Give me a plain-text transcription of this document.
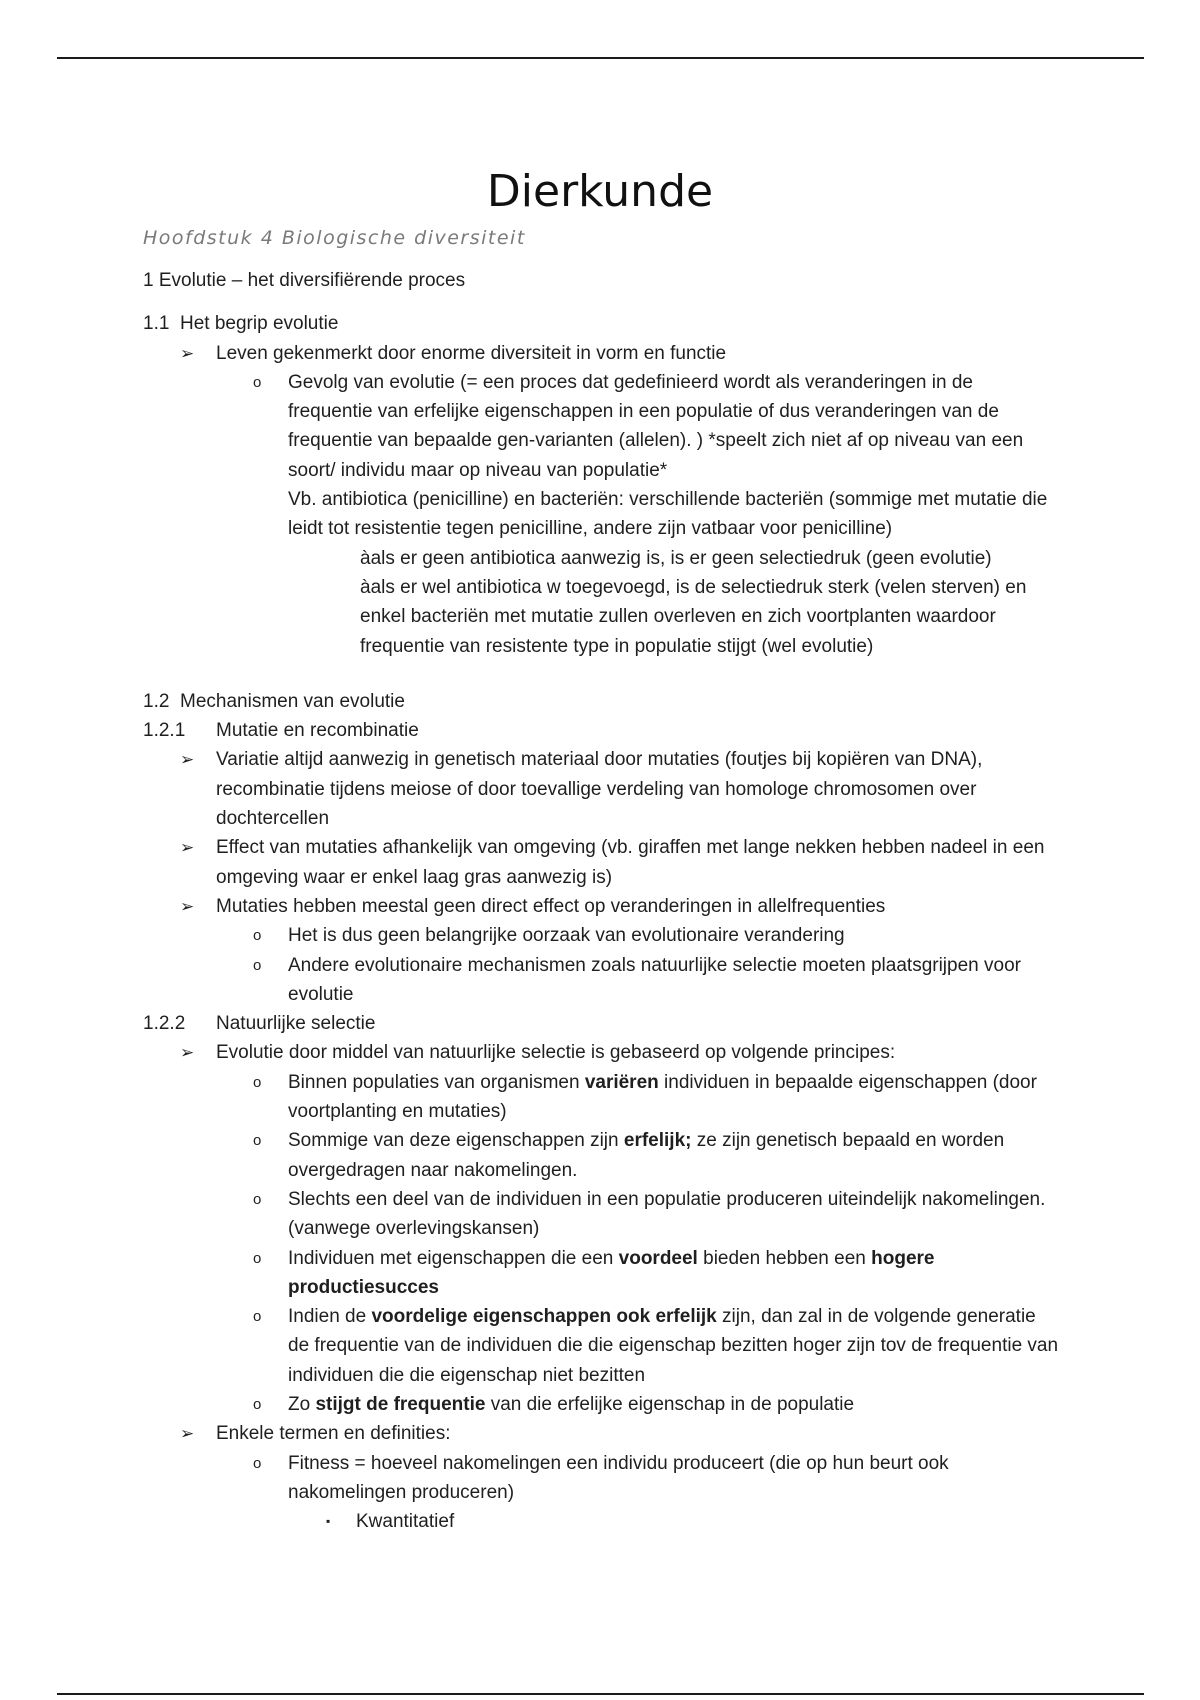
Dierkunde
Hoofdstuk 4 Biologische diversiteit

1 Evolutie – het diversifiërende proces

1.1 Het begrip evolutie

➢ Leven gekenmerkt door enorme diversiteit in vorm en functie

o Gevolg van evolutie (= een proces dat gedefinieerd wordt als veranderingen in de frequentie van erfelijke eigenschappen in een populatie of dus veranderingen van de frequentie van bepaalde gen-varianten (allelen). ) *speelt zich niet af op niveau van een soort/ individu maar op niveau van populatie*

Vb. antibiotica (penicilline) en bacteriën: verschillende bacteriën (sommige met mutatie die leidt tot resistentie tegen penicilline, andere zijn vatbaar voor penicilline)

àals er geen antibiotica aanwezig is, is er geen selectiedruk (geen evolutie)

àals er wel antibiotica w toegevoegd, is de selectiedruk sterk (velen sterven) en enkel bacteriën met mutatie zullen overleven en zich voortplanten waardoor frequentie van resistente type in populatie stijgt (wel evolutie)

1.2 Mechanismen van evolutie

1.2.1 Mutatie en recombinatie

➢ Variatie altijd aanwezig in genetisch materiaal door mutaties (foutjes bij kopiëren van DNA), recombinatie tijdens meiose of door toevallige verdeling van homologe chromosomen over dochtercellen

➢ Effect van mutaties afhankelijk van omgeving (vb. giraffen met lange nekken hebben nadeel in een omgeving waar er enkel laag gras aanwezig is)

➢ Mutaties hebben meestal geen direct effect op veranderingen in allelfrequenties

o Het is dus geen belangrijke oorzaak van evolutionaire verandering

o Andere evolutionaire mechanismen zoals natuurlijke selectie moeten plaatsgrijpen voor evolutie

1.2.2 Natuurlijke selectie

➢ Evolutie door middel van natuurlijke selectie is gebaseerd op volgende principes:

o Binnen populaties van organismen variëren individuen in bepaalde eigenschappen (door voortplanting en mutaties)

o Sommige van deze eigenschappen zijn erfelijk; ze zijn genetisch bepaald en worden overgedragen naar nakomelingen.

o Slechts een deel van de individuen in een populatie produceren uiteindelijk nakomelingen. (vanwege overlevingskansen)

o Individuen met eigenschappen die een voordeel bieden hebben een hogere productiesucces

o Indien de voordelige eigenschappen ook erfelijk zijn, dan zal in de volgende generatie de frequentie van de individuen die die eigenschap bezitten hoger zijn tov de frequentie van individuen die die eigenschap niet bezitten

o Zo stijgt de frequentie van die erfelijke eigenschap in de populatie

➢ Enkele termen en definities:

o Fitness = hoeveel nakomelingen een individu produceert (die op hun beurt ook nakomelingen produceren)

▪ Kwantitatief
